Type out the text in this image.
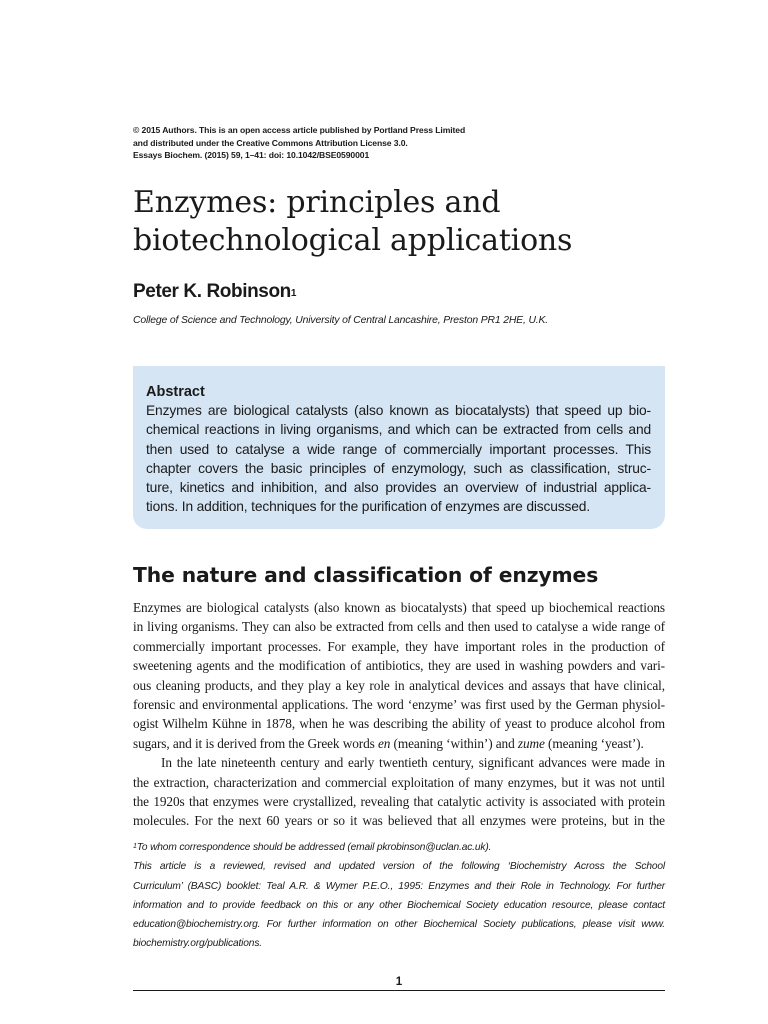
© 2015 Authors. This is an open access article published by Portland Press Limited
and distributed under the Creative Commons Attribution License 3.0.
Essays Biochem. (2015) 59, 1–41: doi: 10.1042/BSE0590001
Enzymes: principles and
biotechnological applications
Peter K. Robinson$^1$
College of Science and Technology, University of Central Lancashire, Preston PR1 2HE, U.K.
Abstract
Enzymes are biological catalysts (also known as biocatalysts) that speed up bio-
chemical reactions in living organisms, and which can be extracted from cells and
then used to catalyse a wide range of commercially important processes. This
chapter covers the basic principles of enzymology, such as classification, struc-
ture, kinetics and inhibition, and also provides an overview of industrial applica-
tions. In addition, techniques for the purification of enzymes are discussed.
The nature and classification of enzymes
Enzymes are biological catalysts (also known as biocatalysts) that speed up biochemical reactions
in living organisms. They can also be extracted from cells and then used to catalyse a wide range of
commercially important processes. For example, they have important roles in the production of
sweetening agents and the modification of antibiotics, they are used in washing powders and vari-
ous cleaning products, and they play a key role in analytical devices and assays that have clinical,
forensic and environmental applications. The word ‘enzyme’ was first used by the German physiol-
ogist Wilhelm Kühne in 1878, when he was describing the ability of yeast to produce alcohol from
sugars, and it is derived from the Greek words en (meaning ‘within’) and zume (meaning ‘yeast’).
In the late nineteenth century and early twentieth century, significant advances were made in
the extraction, characterization and commercial exploitation of many enzymes, but it was not until
the 1920s that enzymes were crystallized, revealing that catalytic activity is associated with protein
molecules. For the next 60 years or so it was believed that all enzymes were proteins, but in the
$^1$To whom correspondence should be addressed (email pkrobinson@uclan.ac.uk).
This article is a reviewed, revised and updated version of the following ‘Biochemistry Across the School
Curriculum’ (BASC) booklet: Teal A.R. & Wymer P.E.O., 1995: Enzymes and their Role in Technology. For further
information and to provide feedback on this or any other Biochemical Society education resource, please contact
education@biochemistry.org. For further information on other Biochemical Society publications, please visit www.
biochemistry.org/publications.
1
